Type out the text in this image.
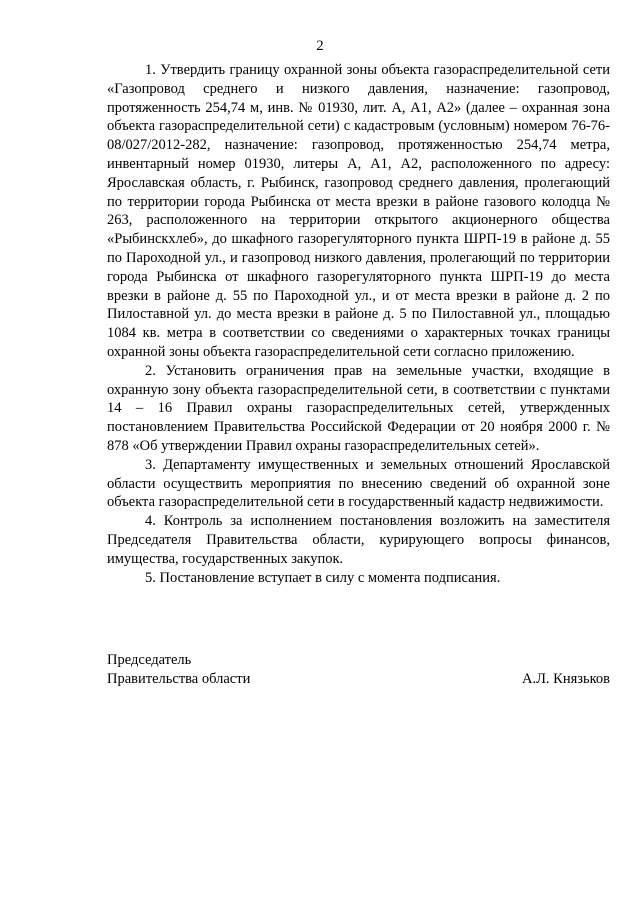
2

1. Утвердить границу охранной зоны объекта газораспределительной сети «Газопровод среднего и низкого давления, назначение: газопровод, протяженность 254,74 м, инв. № 01930, лит. А, А1, А2» (далее – охранная зона объекта газораспределительной сети) с кадастровым (условным) номером 76-76-08/027/2012-282, назначение: газопровод, протяженностью 254,74 метра, инвентарный номер 01930, литеры А, А1, А2, расположенного по адресу: Ярославская область, г. Рыбинск, газопровод среднего давления, пролегающий по территории города Рыбинска от места врезки в районе газового колодца № 263, расположенного на территории открытого акционерного общества «Рыбинскхлеб», до шкафного газорегуляторного пункта ШРП-19 в районе д. 55 по Пароходной ул., и газопровод низкого давления, пролегающий по территории города Рыбинска от шкафного газорегуляторного пункта ШРП-19 до места врезки в районе д. 55 по Пароходной ул., и от места врезки в районе д. 2 по Пилоставной ул. до места врезки в районе д. 5 по Пилоставной ул., площадью 1084 кв. метра в соответствии со сведениями о характерных точках границы охранной зоны объекта газораспределительной сети согласно приложению.

2. Установить ограничения прав на земельные участки, входящие в охранную зону объекта газораспределительной сети, в соответствии с пунктами 14 – 16 Правил охраны газораспределительных сетей, утвержденных постановлением Правительства Российской Федерации от 20 ноября 2000 г. № 878 «Об утверждении Правил охраны газораспределительных сетей».

3. Департаменту имущественных и земельных отношений Ярославской области осуществить мероприятия по внесению сведений об охранной зоне объекта газораспределительной сети в государственный кадастр недвижимости.

4. Контроль за исполнением постановления возложить на заместителя Председателя Правительства области, курирующего вопросы финансов, имущества, государственных закупок.

5. Постановление вступает в силу с момента подписания.

Председатель
Правительства области	А.Л. Князьков
